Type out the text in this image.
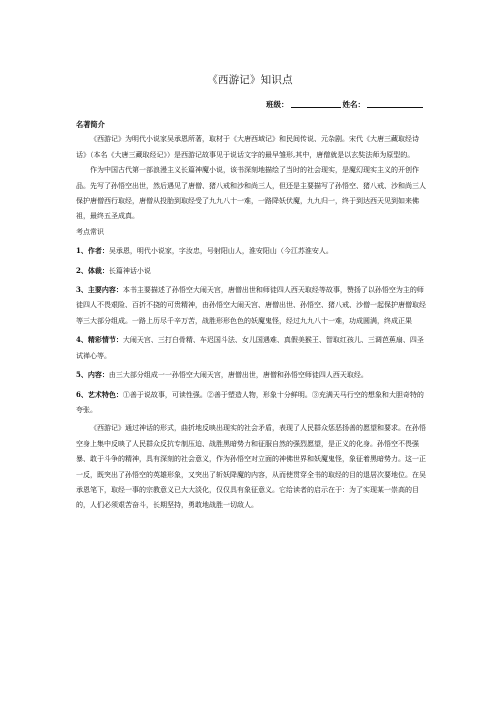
《西游记》知识点
班级：	姓名：

名著简介

《西游记》为明代小说家吴承恩所著，取材于《大唐西域记》和民间传说、元杂剧。宋代《大唐三藏取经诗话》（本名《大唐三藏取经记》）是西游记故事见于说话文字的最早雏形,其中，唐僧就是以玄奘法师为原型的。

作为中国古代第一部浪漫主义长篇神魔小说，该书深刻地描绘了当时的社会现实，是魔幻现实主义的开创作品。先写了孙悟空出世，然后遇见了唐僧、猪八戒和沙和尚三人，但还是主要描写了孙悟空、猪八戒、沙和尚三人保护唐僧西行取经，唐僧从投胎到取经受了九九八十一难，一路降妖伏魔，九九归一，终于到达西天见到如来佛祖，最终五圣成真。

考点常识

1、作者：吴承恩，明代小说家，字汝忠，号射阳山人，淮安阳山（今江苏淮安人。

2、体裁：长篇神话小说

3、主要内容：本书主要描述了孙悟空大闹天宫，唐僧出世和师徒四人西天取经等故事，赞扬了以孙悟空为主的师徒四人不畏艰险、百折不挠的可贵精神，由孙悟空大闹天宫、唐僧出世、孙悟空、猪八戒、沙僧一起保护唐僧取经等三大部分组成。一路上历尽千辛万苦，战胜形形色色的妖魔鬼怪，经过九九八十一难，功成圆满，终成正果

4、精彩情节：大闹天宫、三打白骨精、车迟国斗法、女儿国遇难、真假美猴王、智取红孩儿、三调芭蕉扇、四圣试禅心等。

5、内容：由三大部分组成一一孙悟空大闹天宫，唐僧出世，唐僧和孙悟空师徒四人西天取经。

6、艺术特色：①善于说故事，可读性强。②善于塑造人物，形象十分鲜明。③充满天马行空的想象和大胆奇特的夸张。

《西游记》通过神话的形式，曲折地反映出现实的社会矛盾，表现了人民群众惩恶扬善的愿望和要求。在孙悟空身上集中反映了人民群众反抗专制压迫、战胜黑暗势力和征服自然的强烈愿望，是正义的化身。孙悟空不畏强暴、敢于斗争的精神，具有深刻的社会意义，作为孙悟空对立面的神佛世界和妖魔鬼怪，象征着黑暗势力。这一正一反，既突出了孙悟空的英雄形象，又突出了斩妖降魔的内容，从而使贯穿全书的取经的目的退居次要地位。在吴承恩笔下，取经一事的宗教意义已大大淡化，仅仅具有象征意义。它给读者的启示在于：为了实现某一崇高的目的，人们必须艰苦奋斗，长期坚持，勇敢地战胜一切敌人。
